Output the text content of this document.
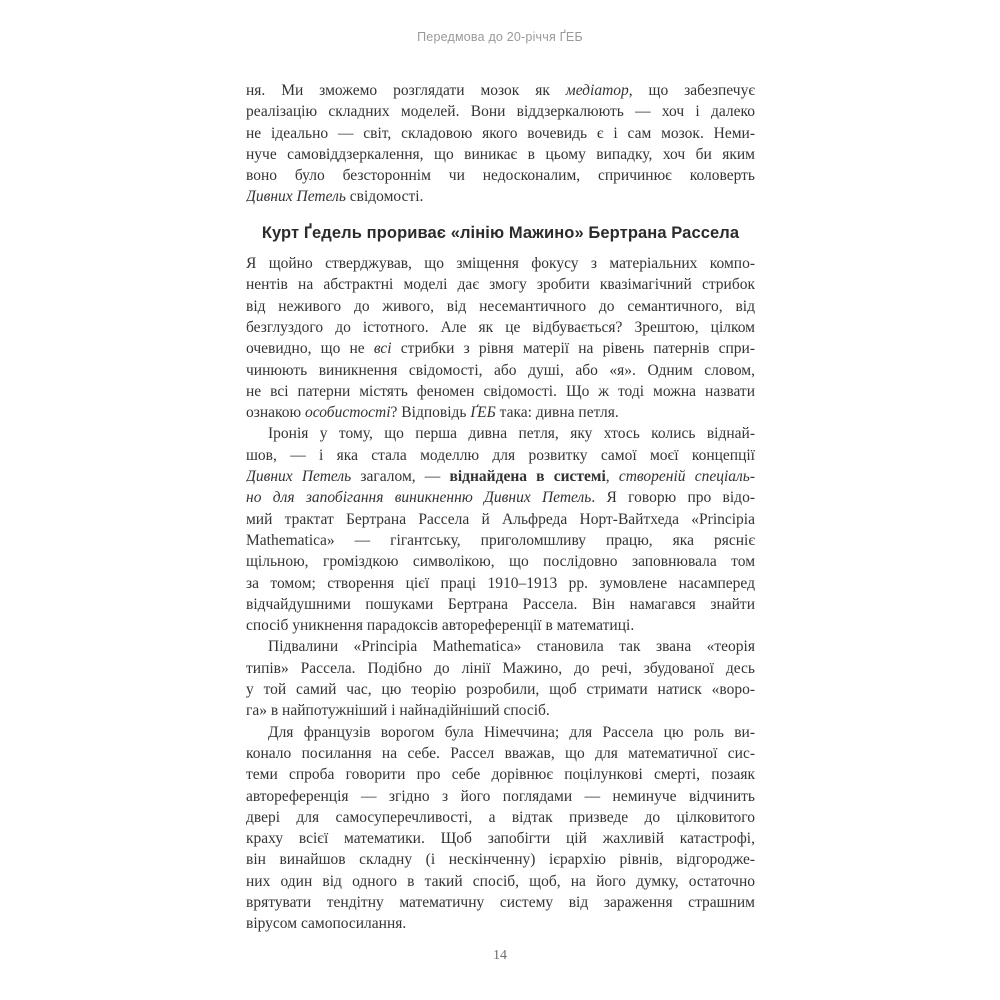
Передмова до 20-річчя ҐЕБ
ня. Ми зможемо розглядати мозок як медіатор, що забезпечує
реалізацію складних моделей. Вони віддзеркалюють — хоч і далеко
не ідеально — світ, складовою якого вочевидь є і сам мозок. Неми-
нуче самовіддзеркалення, що виникає в цьому випадку, хоч би яким
воно було безстороннім чи недосконалим, спричинює коловерть
Дивних Петель свідомості.
Курт Ґедель прориває «лінію Мажино» Бертрана Рассела
Я щойно стверджував, що зміщення фокусу з матеріальних компо-
нентів на абстрактні моделі дає змогу зробити квазімагічний стрибок
від неживого до живого, від несемантичного до семантичного, від
безглуздого до істотного. Але як це відбувається? Зрештою, цілком
очевидно, що не всі стрибки з рівня матерії на рівень патернів спри-
чинюють виникнення свідомості, або душі, або «я». Одним словом,
не всі патерни містять феномен свідомості. Що ж тоді можна назвати
ознакою особистості? Відповідь ҐЕБ така: дивна петля.
Іронія у тому, що перша дивна петля, яку хтось колись віднай-
шов, — і яка стала моделлю для розвитку самої моєї концепції
Дивних Петель загалом, — віднайдена в системі, створеній спеціаль-
но для запобігання виникненню Дивних Петель. Я говорю про відо-
мий трактат Бертрана Рассела й Альфреда Норт-Вайтхеда «Principia
Mathematica» — гігантську, приголомшливу працю, яка рясніє
щільною, громіздкою символікою, що послідовно заповнювала том
за томом; створення цієї праці 1910–1913 рр. зумовлене насамперед
відчайдушними пошуками Бертрана Рассела. Він намагався знайти
спосіб уникнення парадоксів автореференції в математиці.
Підвалини «Principia Mathematica» становила так звана «теорія
типів» Рассела. Подібно до лінії Мажино, до речі, збудованої десь
у той самий час, цю теорію розробили, щоб стримати натиск «воро-
га» в найпотужніший і найнадійніший спосіб.
Для французів ворогом була Німеччина; для Рассела цю роль ви-
конало посилання на себе. Рассел вважав, що для математичної сис-
теми спроба говорити про себе дорівнює поцілункові смерті, позаяк
автореференція — згідно з його поглядами — неминуче відчинить
двері для самосуперечливості, а відтак призведе до цілковитого
краху всієї математики. Щоб запобігти цій жахливій катастрофі,
він винайшов складну (і нескінченну) ієрархію рівнів, відгородже-
них один від одного в такий спосіб, щоб, на його думку, остаточно
врятувати тендітну математичну систему від зараження страшним
вірусом самопосилання.
14
